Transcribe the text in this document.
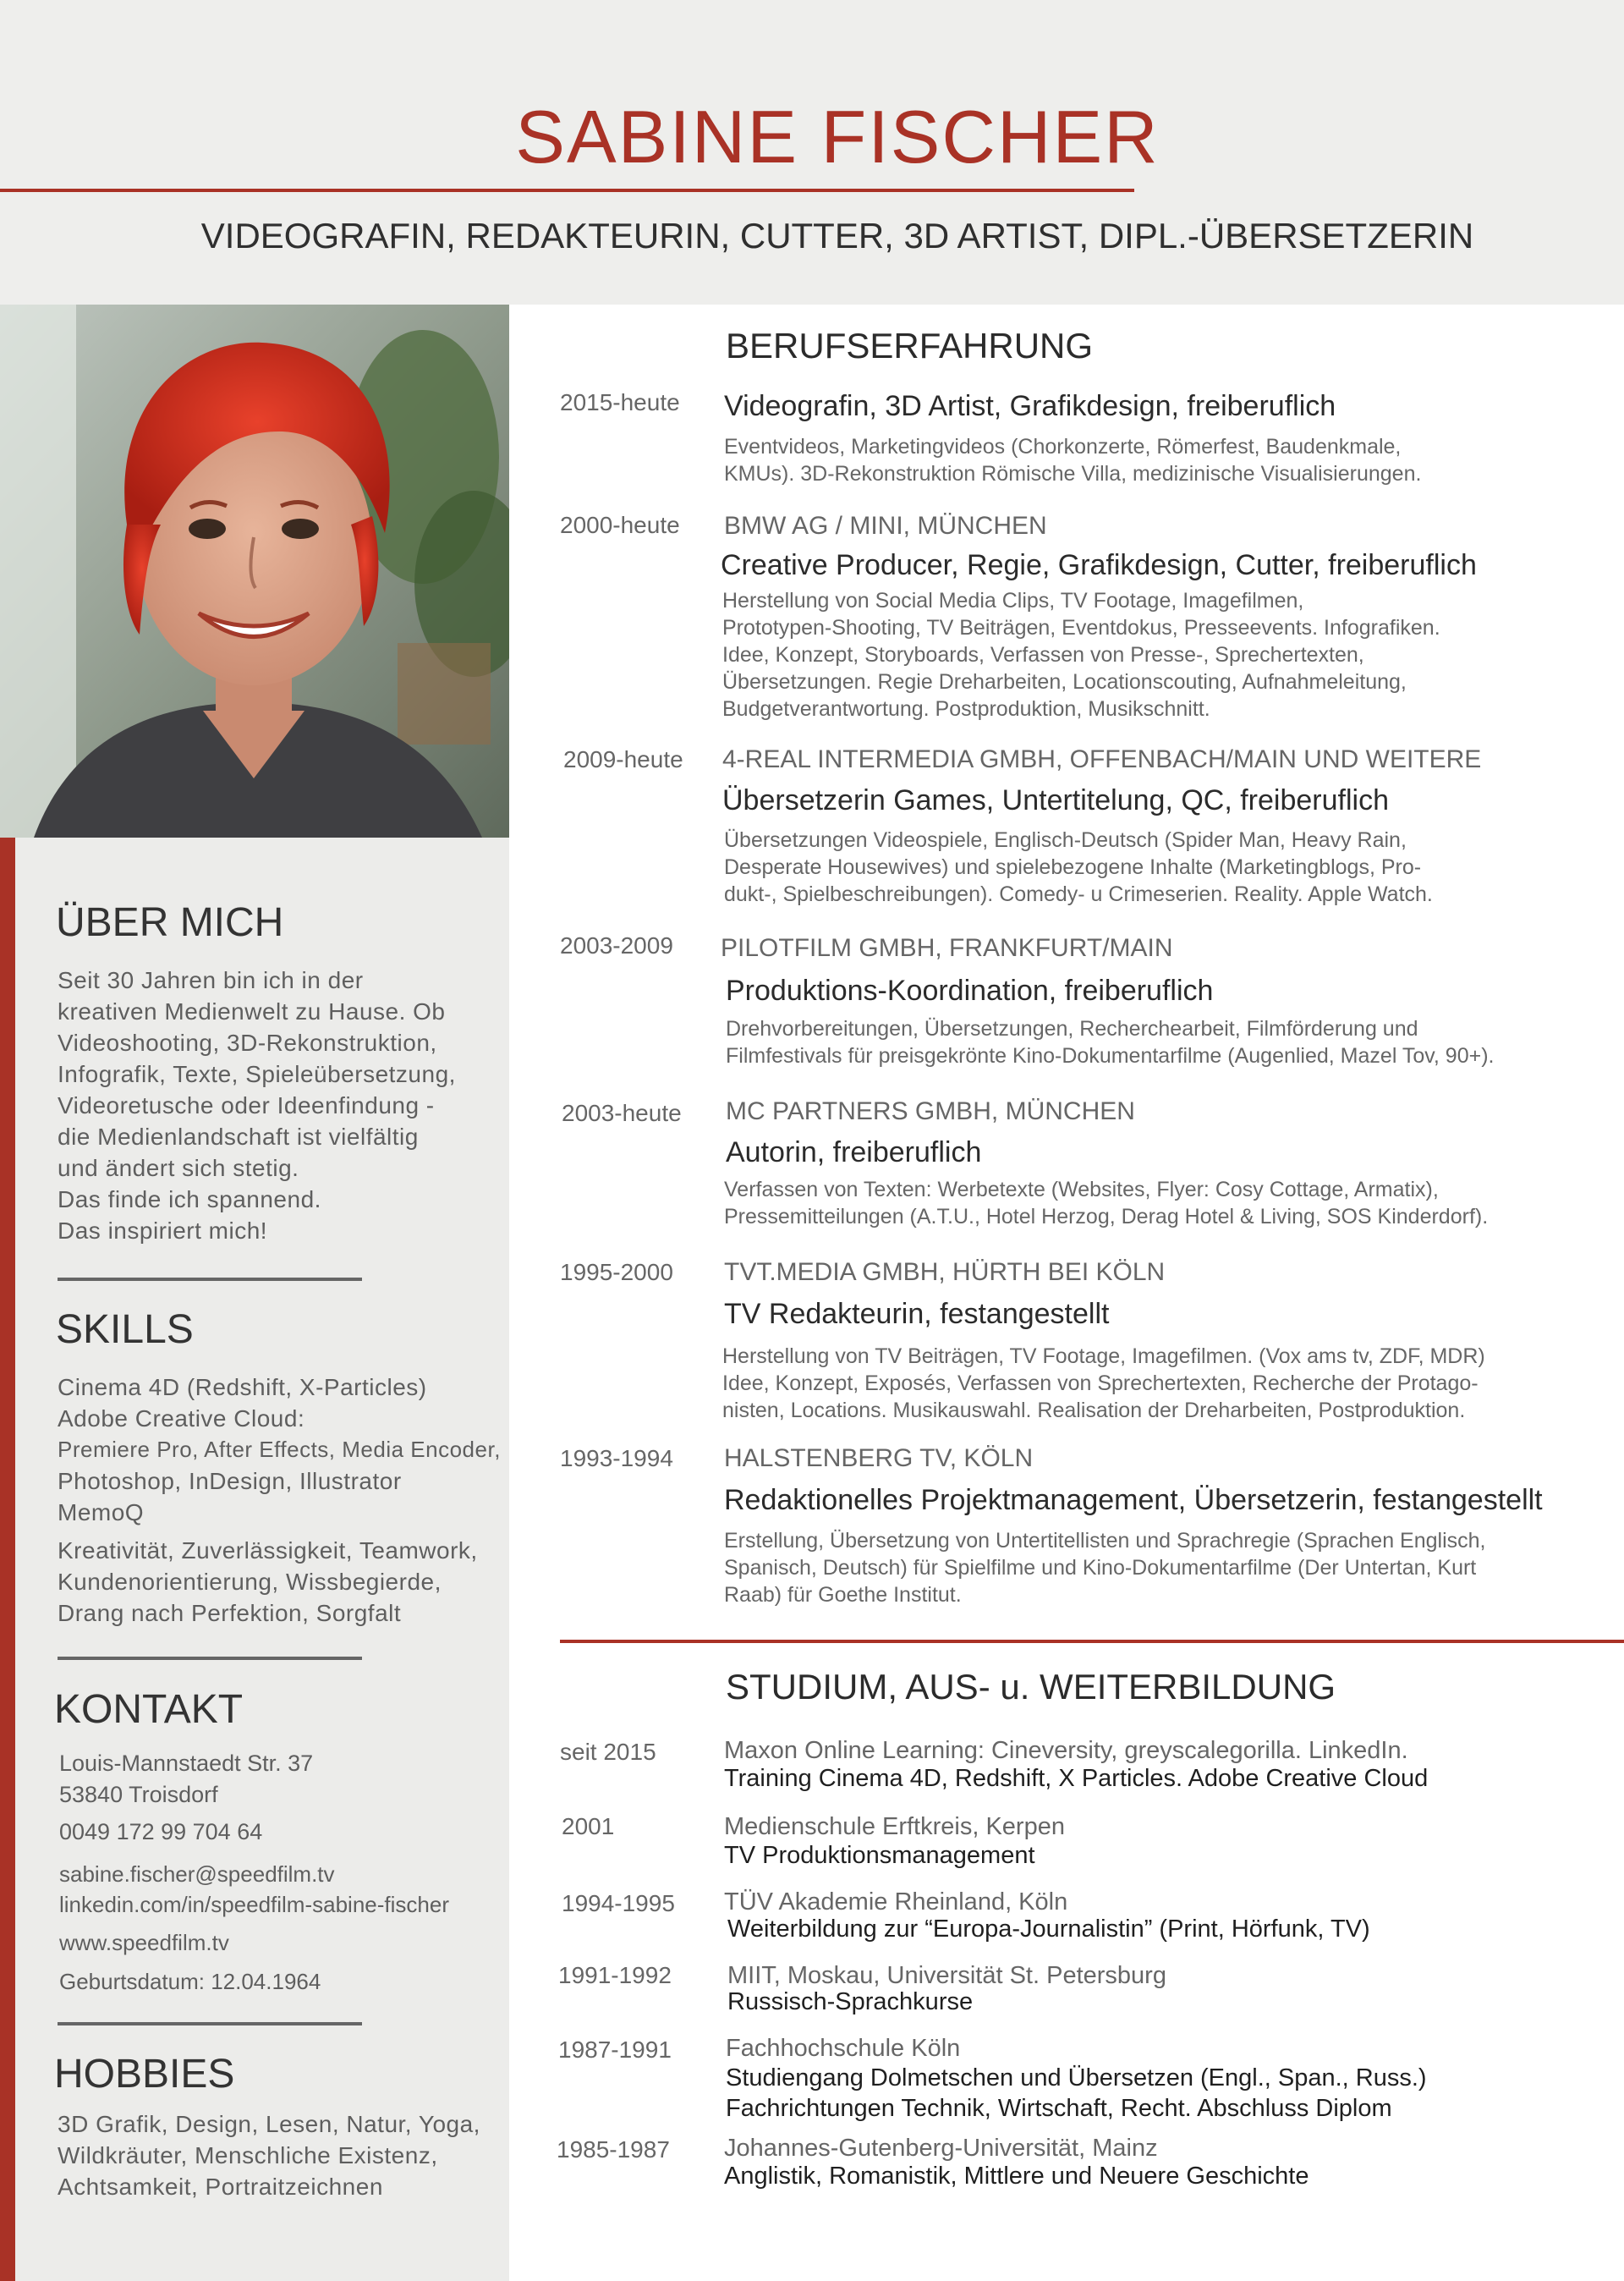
SABINE FISCHER
VIDEOGRAFIN, REDAKTEURIN, CUTTER, 3D ARTIST, DIPL.-ÜBERSETZERIN
ÜBER MICH

Seit 30 Jahren bin ich in der
kreativen Medienwelt zu Hause. Ob
Videoshooting, 3D-Rekonstruktion,
Infografik, Texte, Spieleübersetzung,
Videoretusche oder Ideenfindung -
die Medienlandschaft ist vielfältig
und ändert sich stetig.
Das finde ich spannend.
Das inspiriert mich!

SKILLS

Cinema 4D (Redshift, X-Particles)
Adobe Creative Cloud:
Premiere Pro, After Effects, Media Encoder,
Photoshop, InDesign, Illustrator
MemoQ

Kreativität, Zuverlässigkeit, Teamwork,
Kundenorientierung, Wissbegierde,
Drang nach Perfektion, Sorgfalt

KONTAKT
Louis-Mannstaedt Str. 37
53840 Troisdorf
0049 172 99 704 64
sabine.fischer@speedfilm.tv
linkedin.com/in/speedfilm-sabine-fischer
www.speedfilm.tv
Geburtsdatum: 12.04.1964
HOBBIES

3D Grafik, Design, Lesen, Natur, Yoga,
Wildkräuter, Menschliche Existenz,
Achtsamkeit, Portraitzeichnen

BERUFSERFAHRUNG
2015-heute Videografin, 3D Artist, Grafikdesign, freiberuflich

Eventvideos, Marketingvideos (Chorkonzerte, Römerfest, Baudenkmale,
KMUs). 3D-Rekonstruktion Römische Villa, medizinische Visualisierungen.

2000-heute BMW AG / MINI, MÜNCHEN
Creative Producer, Regie, Grafikdesign, Cutter, freiberuflich

Herstellung von Social Media Clips, TV Footage, Imagefilmen,
Prototypen-Shooting, TV Beiträgen, Eventdokus, Presseevents. Infografiken.
Idee, Konzept, Storyboards, Verfassen von Presse-, Sprechertexten,
Übersetzungen. Regie Dreharbeiten, Locationscouting, Aufnahmeleitung,
Budgetverantwortung. Postproduktion, Musikschnitt.

2009-heute 4-REAL INTERMEDIA GMBH, OFFENBACH/MAIN UND WEITERE
Übersetzerin Games, Untertitelung, QC, freiberuflich

Übersetzungen Videospiele, Englisch-Deutsch (Spider Man, Heavy Rain,
Desperate Housewives) und spielebezogene Inhalte (Marketingblogs, Pro-
dukt-, Spielbeschreibungen). Comedy- u Crimeserien. Reality. Apple Watch.

2003-2009 PILOTFILM GMBH, FRANKFURT/MAIN
Produktions-Koordination, freiberuflich

Drehvorbereitungen, Übersetzungen, Recherchearbeit, Filmförderung und
Filmfestivals für preisgekrönte Kino-Dokumentarfilme (Augenlied, Mazel Tov, 90+).

2003-heute MC PARTNERS GMBH, MÜNCHEN
Autorin, freiberuflich

Verfassen von Texten: Werbetexte (Websites, Flyer: Cosy Cottage, Armatix),
Pressemitteilungen (A.T.U., Hotel Herzog, Derag Hotel & Living, SOS Kinderdorf).

1995-2000 TVT.MEDIA GMBH, HÜRTH BEI KÖLN
TV Redakteurin, festangestellt

Herstellung von TV Beiträgen, TV Footage, Imagefilmen. (Vox ams tv, ZDF, MDR)
Idee, Konzept, Exposés, Verfassen von Sprechertexten, Recherche der Protago-
nisten, Locations. Musikauswahl. Realisation der Dreharbeiten, Postproduktion.

1993-1994 HALSTENBERG TV, KÖLN
Redaktionelles Projektmanagement, Übersetzerin, festangestellt

Erstellung, Übersetzung von Untertitellisten und Sprachregie (Sprachen Englisch,
Spanisch, Deutsch) für Spielfilme und Kino-Dokumentarfilme (Der Untertan, Kurt
Raab) für Goethe Institut.

STUDIUM, AUS- u. WEITERBILDUNG
seit 2015	Maxon Online Learning: Cineversity, greyscalegorilla. LinkedIn.
Training Cinema 4D, Redshift, X Particles. Adobe Creative Cloud
2001	Medienschule Erftkreis, Kerpen
TV Produktionsmanagement
1994-1995 TÜV Akademie Rheinland, Köln
Weiterbildung zur “Europa-Journalistin” (Print, Hörfunk, TV)
1991-1992 MIIT, Moskau, Universität St. Petersburg
Russisch-Sprachkurse
1987-1991 Fachhochschule Köln
Studiengang Dolmetschen und Übersetzen (Engl., Span., Russ.)
Fachrichtungen Technik, Wirtschaft, Recht. Abschluss Diplom
1985-1987 Johannes-Gutenberg-Universität, Mainz
Anglistik, Romanistik, Mittlere und Neuere Geschichte
